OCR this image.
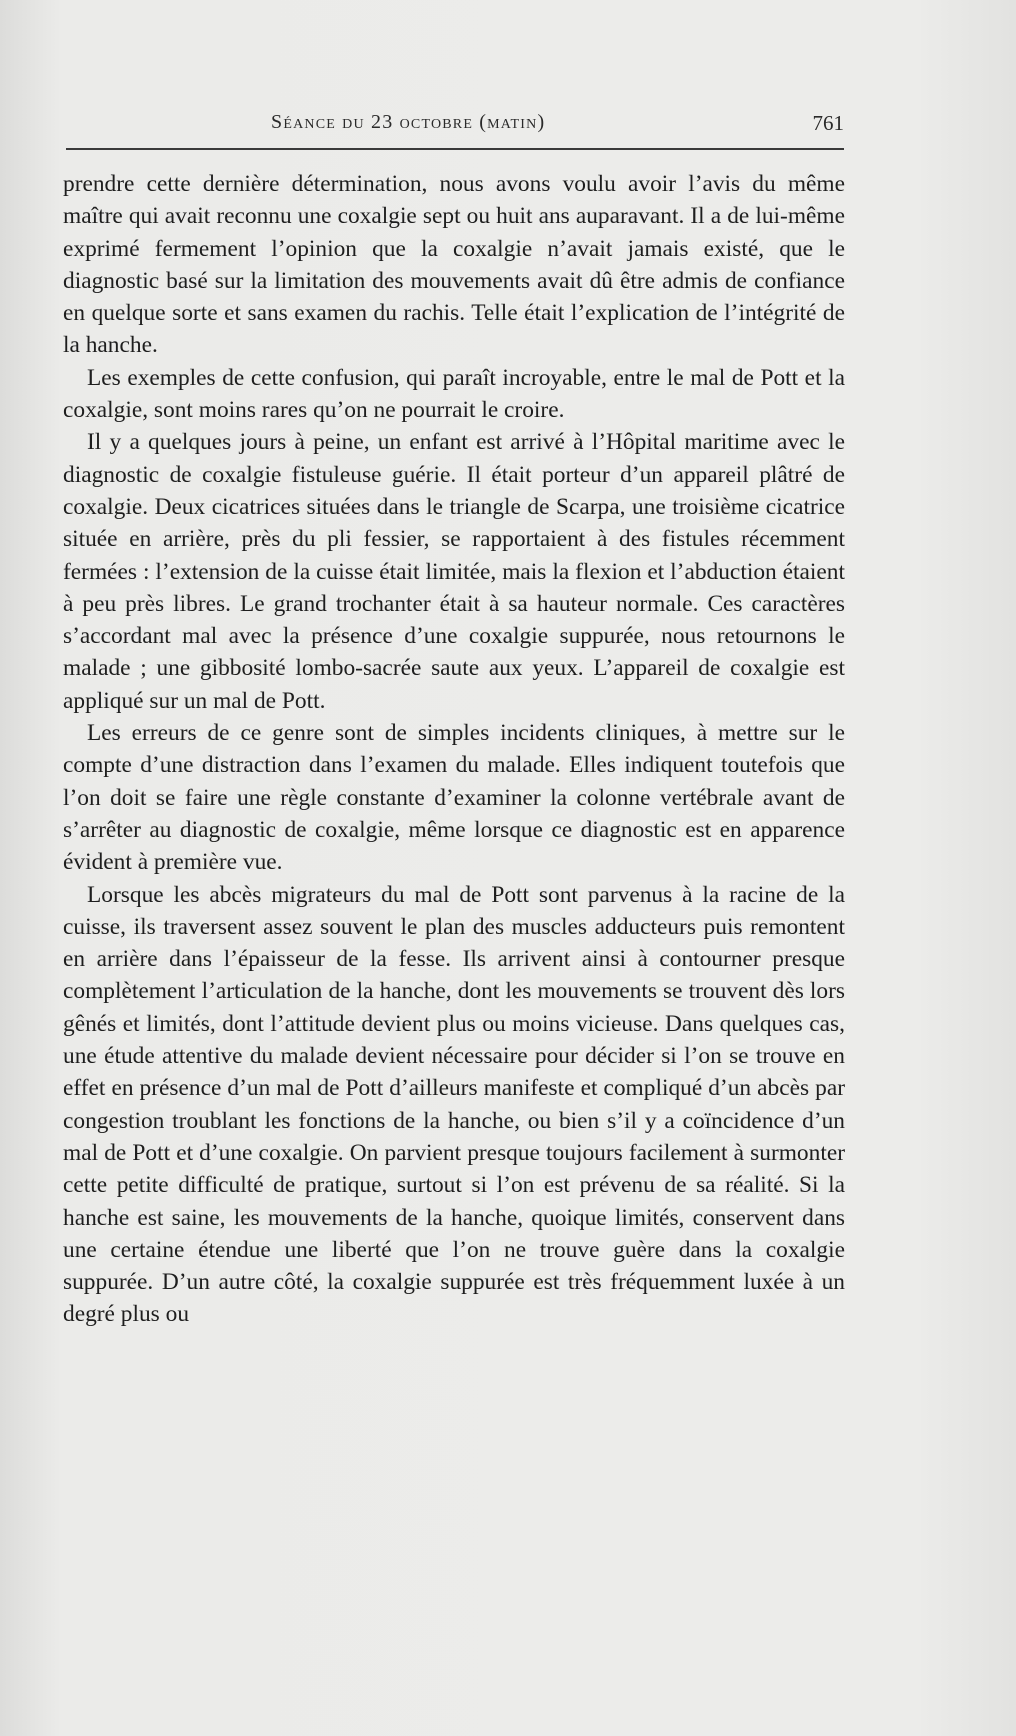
Séance du 23 octobre (matin)	761

prendre cette dernière détermination, nous avons voulu avoir l’avis du même maître qui avait reconnu une coxalgie sept ou huit ans auparavant. Il a de lui-même exprimé fermement l’opinion que la coxalgie n’avait jamais existé, que le diagnostic basé sur la limitation des mouvements avait dû être admis de confiance en quelque sorte et sans examen du rachis. Telle était l’explication de l’intégrité de la hanche.

Les exemples de cette confusion, qui paraît incroyable, entre le mal de Pott et la coxalgie, sont moins rares qu’on ne pourrait le croire.

Il y a quelques jours à peine, un enfant est arrivé à l’Hôpital maritime avec le diagnostic de coxalgie fistuleuse guérie. Il était porteur d’un appareil plâtré de coxalgie. Deux cicatrices situées dans le triangle de Scarpa, une troisième cicatrice située en arrière, près du pli fessier, se rapportaient à des fistules récemment fermées : l’extension de la cuisse était limitée, mais la flexion et l’abduction étaient à peu près libres. Le grand trochanter était à sa hauteur normale. Ces caractères s’accordant mal avec la présence d’une coxalgie suppurée, nous retournons le malade ; une gibbosité lombo-sacrée saute aux yeux. L’appareil de coxalgie est appliqué sur un mal de Pott.

Les erreurs de ce genre sont de simples incidents cliniques, à mettre sur le compte d’une distraction dans l’examen du malade. Elles indiquent toutefois que l’on doit se faire une règle constante d’examiner la colonne vertébrale avant de s’arrêter au diagnostic de coxalgie, même lorsque ce diagnostic est en apparence évident à première vue.

Lorsque les abcès migrateurs du mal de Pott sont parvenus à la racine de la cuisse, ils traversent assez souvent le plan des muscles adducteurs puis remontent en arrière dans l’épaisseur de la fesse. Ils arrivent ainsi à contourner presque complètement l’articulation de la hanche, dont les mouvements se trouvent dès lors gênés et limités, dont l’attitude devient plus ou moins vicieuse. Dans quelques cas, une étude attentive du malade devient nécessaire pour décider si l’on se trouve en effet en présence d’un mal de Pott d’ailleurs manifeste et compliqué d’un abcès par congestion troublant les fonctions de la hanche, ou bien s’il y a coïncidence d’un mal de Pott et d’une coxalgie. On parvient presque toujours facilement à surmonter cette petite difficulté de pratique, surtout si l’on est prévenu de sa réalité. Si la hanche est saine, les mouvements de la hanche, quoique limités, conservent dans une certaine étendue une liberté que l’on ne trouve guère dans la coxalgie suppurée. D’un autre côté, la coxalgie suppurée est très fréquemment luxée à un degré plus ou
